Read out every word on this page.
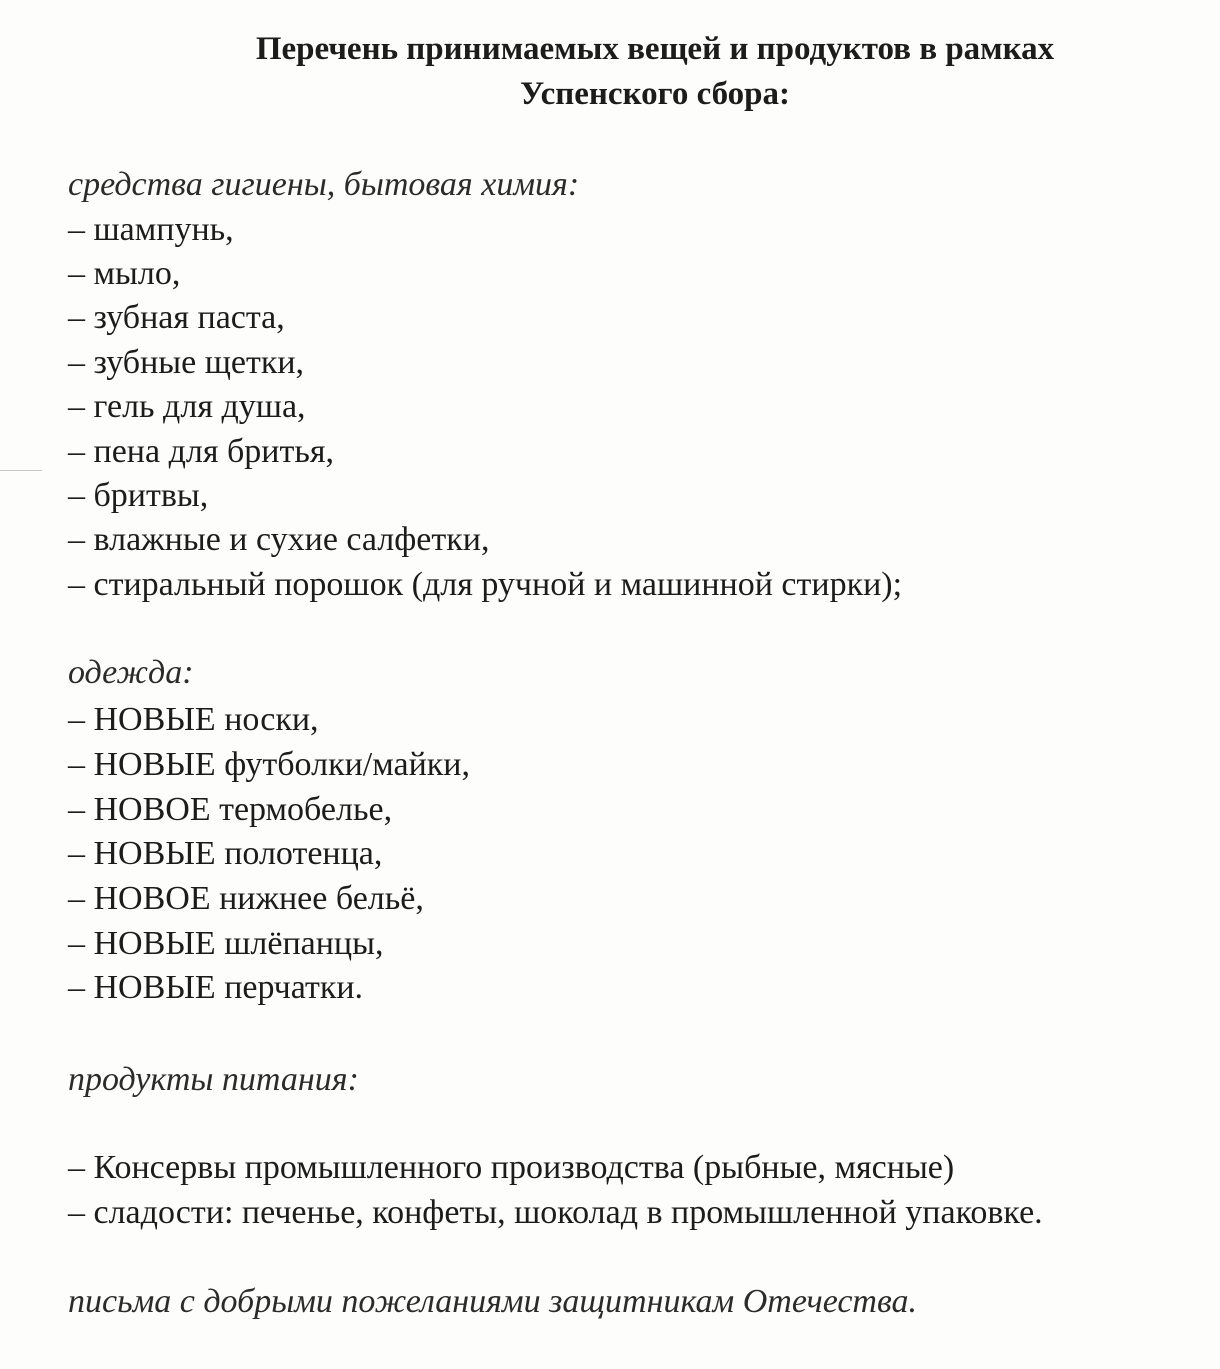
Перечень принимаемых вещей и продуктов в рамках
Успенского сбора:

средства гигиены, бытовая химия:

– шампунь,

– мыло,

– зубная паста,

– зубные щетки,

– гель для душа,

– пена для бритья,

– бритвы,

– влажные и сухие салфетки,

– стиральный порошок (для ручной и машинной стирки);

одежда:

– НОВЫЕ носки,

– НОВЫЕ футболки/майки,

– НОВОЕ термобелье,

– НОВЫЕ полотенца,

– НОВОЕ нижнее бельё,

– НОВЫЕ шлёпанцы,

– НОВЫЕ перчатки.

продукты питания:

– Консервы промышленного производства (рыбные, мясные)

– сладости: печенье, конфеты, шоколад в промышленной упаковке.

письма с добрыми пожеланиями защитникам Отечества.
